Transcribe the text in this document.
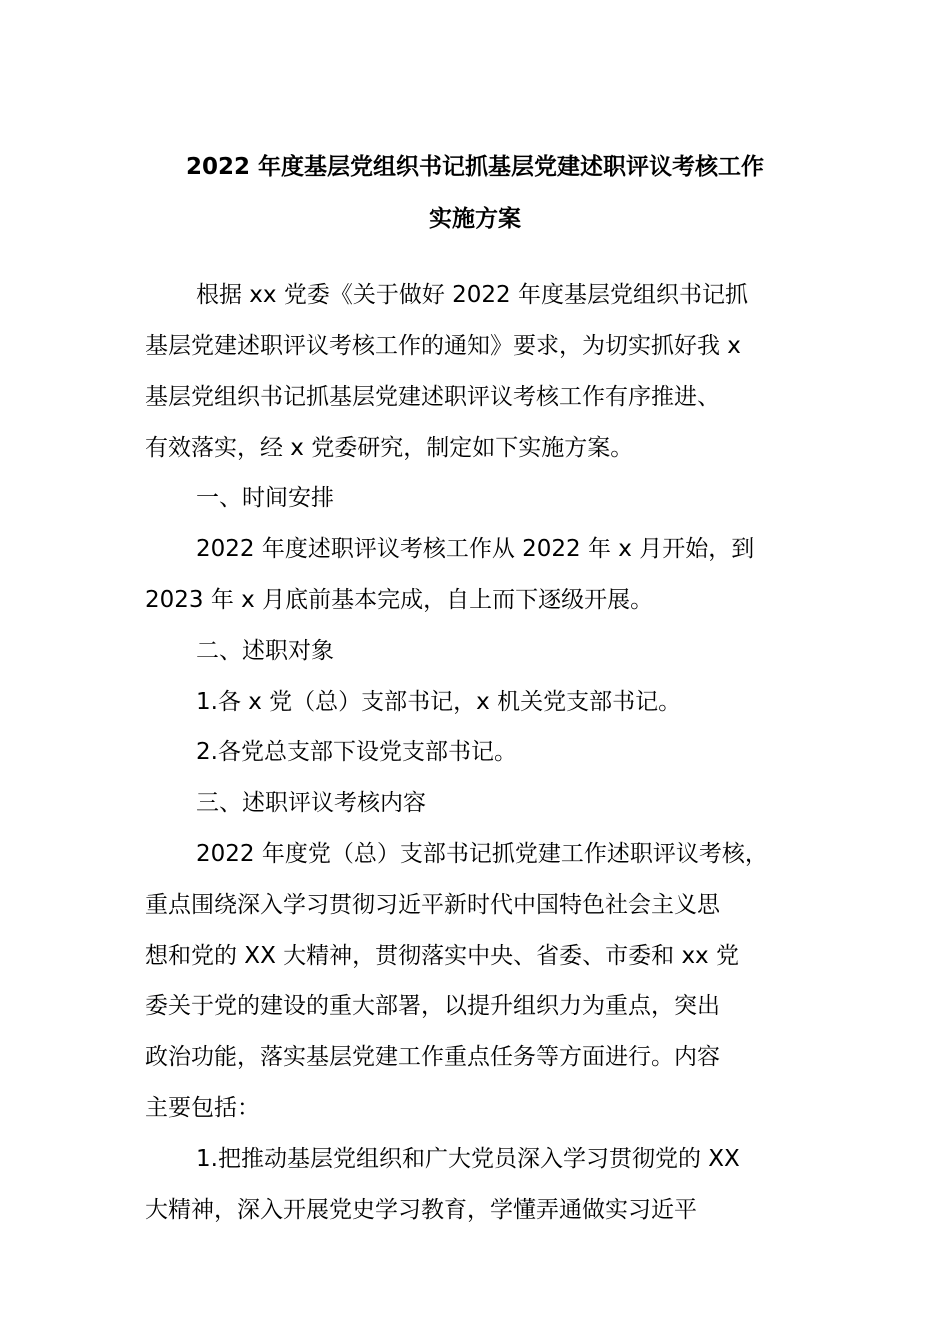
2022 年度基层党组织书记抓基层党建述职评议考核工作
实施方案
根据 xx 党委《关于做好 2022 年度基层党组织书记抓
基层党建述职评议考核工作的通知》要求，为切实抓好我 x
基层党组织书记抓基层党建述职评议考核工作有序推进、
有效落实，经 x 党委研究，制定如下实施方案。
一、时间安排
2022 年度述职评议考核工作从 2022 年 x 月开始，到
2023 年 x 月底前基本完成，自上而下逐级开展。
二、述职对象
1.各 x 党（总）支部书记，x 机关党支部书记。
2.各党总支部下设党支部书记。
三、述职评议考核内容
2022 年度党（总）支部书记抓党建工作述职评议考核，
重点围绕深入学习贯彻习近平新时代中国特色社会主义思
想和党的 XX 大精神，贯彻落实中央、省委、市委和 xx 党
委关于党的建设的重大部署，以提升组织力为重点，突出
政治功能，落实基层党建工作重点任务等方面进行。内容
主要包括：
1.把推动基层党组织和广大党员深入学习贯彻党的 XX
大精神，深入开展党史学习教育，学懂弄通做实习近平
